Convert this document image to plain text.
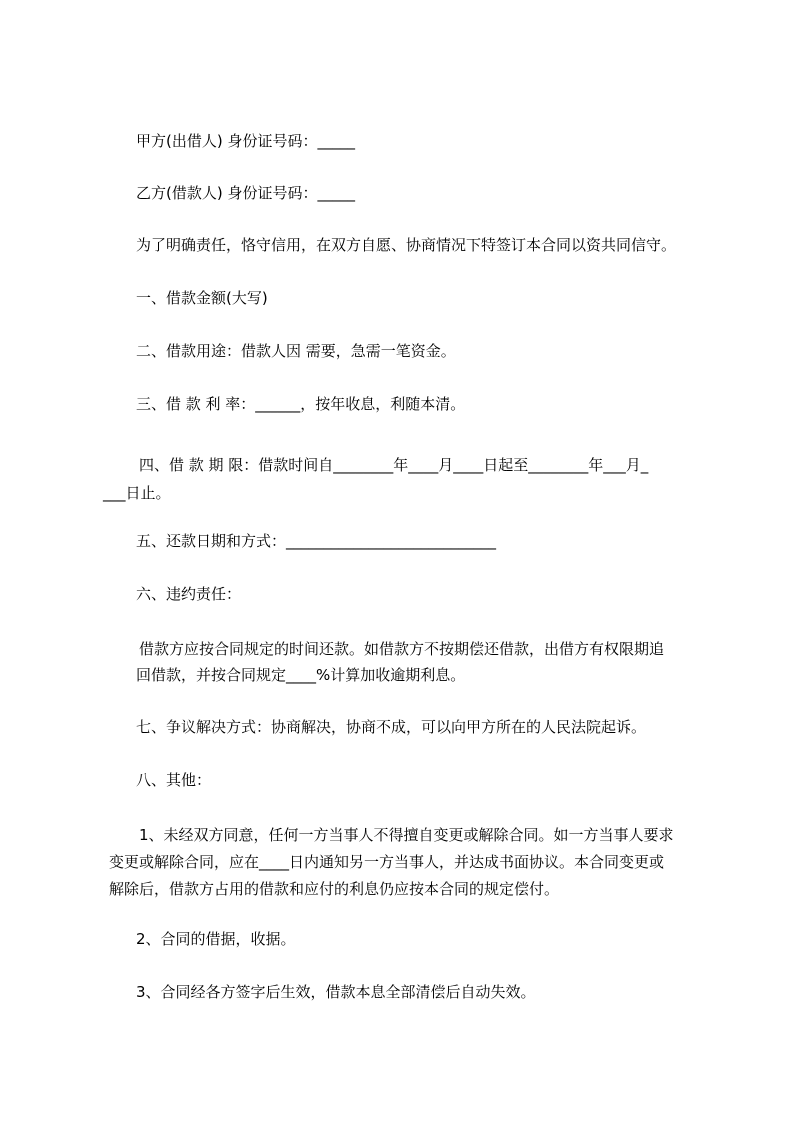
甲方(出借人) 身份证号码：_____

乙方(借款人) 身份证号码：_____

为了明确责任，恪守信用，在双方自愿、协商情况下特签订本合同以资共同信守。

一、借款金额(大写)

二、借款用途：借款人因 需要，急需一笔资金。

三、借 款 利 率：______，按年收息，利随本清。

四、借 款 期 限：借款时间自________年____月____日起至________年___月_
___日止。

五、还款日期和方式：____________________________

六、违约责任：

借款方应按合同规定的时间还款。如借款方不按期偿还借款，出借方有权限期追
回借款，并按合同规定____%计算加收逾期利息。

七、争议解决方式：协商解决，协商不成，可以向甲方所在的人民法院起诉。

八、其他：

1、未经双方同意，任何一方当事人不得擅自变更或解除合同。如一方当事人要求
变更或解除合同，应在____日内通知另一方当事人，并达成书面协议。本合同变更或
解除后，借款方占用的借款和应付的利息仍应按本合同的规定偿付。

2、合同的借据，收据。

3、合同经各方签字后生效，借款本息全部清偿后自动失效。
